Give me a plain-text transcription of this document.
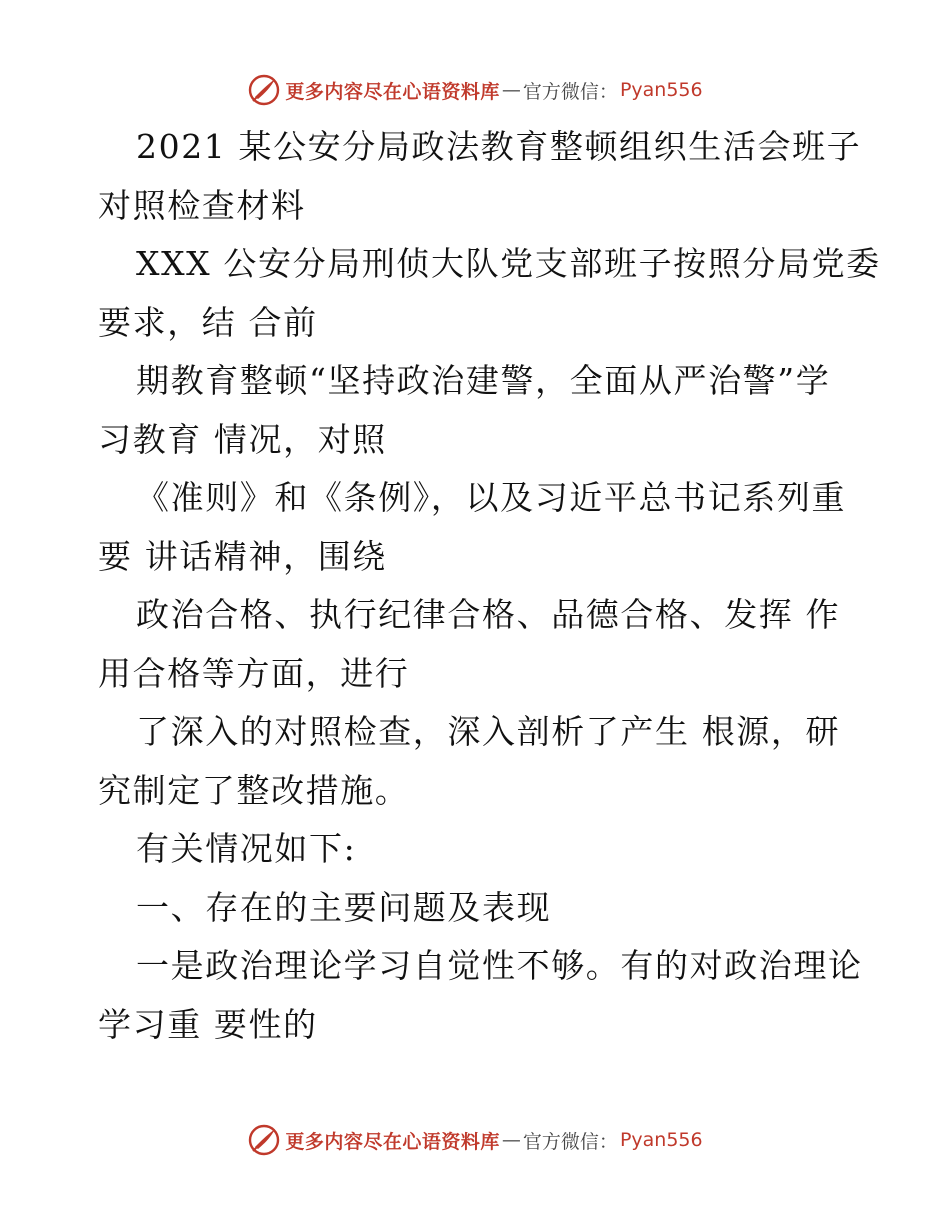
更多内容尽在心语资料库 — 官方微信： Pyan556
2021 某公安分局政法教育整顿组织生活会班子
对照检查材料
XXX 公安分局刑侦大队党支部班子按照分局党委
要求，结 合前
期教育整顿“坚持政治建警，全面从严治警”学
习教育 情况，对照
《准则》和《条例》，以及习近平总书记系列重
要 讲话精神，围绕
政治合格、执行纪律合格、品德合格、发挥 作
用合格等方面，进行
了深入的对照检查，深入剖析了产生 根源，研
究制定了整改措施。
有关情况如下:
一、存在的主要问题及表现
一是政治理论学习自觉性不够。有的对政治理论
学习重 要性的
更多内容尽在心语资料库 — 官方微信： Pyan556
